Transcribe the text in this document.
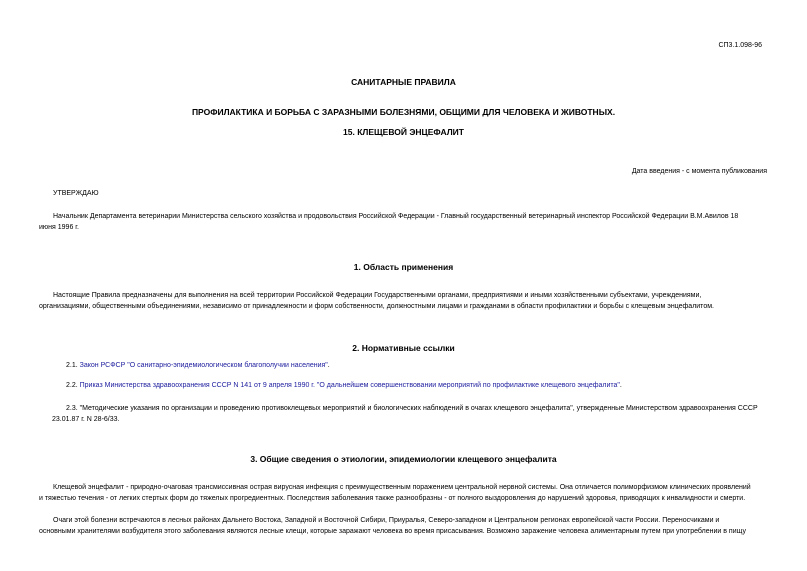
СП3.1.098-96
САНИТАРНЫЕ ПРАВИЛА
ПРОФИЛАКТИКА И БОРЬБА С ЗАРАЗНЫМИ БОЛЕЗНЯМИ, ОБЩИМИ ДЛЯ ЧЕЛОВЕКА И ЖИВОТНЫХ.
15. КЛЕЩЕВОЙ ЭНЦЕФАЛИТ
Дата введения - с момента публикования
УТВЕРЖДАЮ
Начальник Департамента ветеринарии Министерства сельского хозяйства и продовольствия Российской Федерации - Главный государственный ветеринарный инспектор Российской Федерации В.М.Авилов 18
июня 1996 г.
1. Область применения
Настоящие Правила предназначены для выполнения на всей территории Российской Федерации Государственными органами, предприятиями и иными хозяйственными субъектами, учреждениями,
организациями, общественными объединениями, независимо от принадлежности и форм собственности, должностными лицами и гражданами в области профилактики и борьбы с клещевым энцефалитом.
2. Нормативные ссылки
2.1. Закон РСФСР "О санитарно-эпидемиологическом благополучии населения".
2.2. Приказ Министерства здравоохранения СССР N 141 от 9 апреля 1990 г. "О дальнейшем совершенствовании мероприятий по профилактике клещевого энцефалита".
2.3. "Методические указания по организации и проведению противоклещевых мероприятий и биологических наблюдений в очагах клещевого энцефалита", утвержденные Министерством здравоохранения СССР
23.01.87 г. N 28-6/33.
3. Общие сведения о этиологии, эпидемиологии клещевого энцефалита
Клещевой энцефалит - природно-очаговая трансмиссивная острая вирусная инфекция с преимущественным поражением центральной нервной системы. Она отличается полиморфизмом клинических проявлений
и тяжестью течения - от легких стертых форм до тяжелых прогредиентных. Последствия заболевания также разнообразны - от полного выздоровления до нарушений здоровья, приводящих к инвалидности и смерти.
Очаги этой болезни встречаются в лесных районах Дальнего Востока, Западной и Восточной Сибири, Приуралья, Северо-западном и Центральном регионах европейской части России. Переносчиками и
основными хранителями возбудителя этого заболевания являются лесные клещи, которые заражают человека во время присасывания. Возможно заражение человека алиментарным путем при употреблении в пищу
